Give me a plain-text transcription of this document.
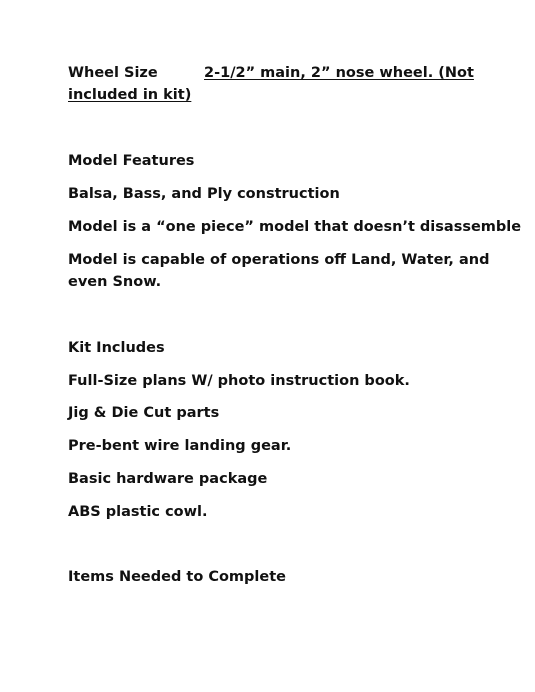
Wheel Size	2-1/2” main, 2” nose wheel. (Not
included in kit)
Model Features
Balsa, Bass, and Ply construction
Model is a “one piece” model that doesn’t disassemble
Model is capable of operations off Land, Water, and
even Snow.
Kit Includes
Full-Size plans W/ photo instruction book.
Jig & Die Cut parts
Pre-bent wire landing gear.
Basic hardware package
ABS plastic cowl.
Items Needed to Complete
